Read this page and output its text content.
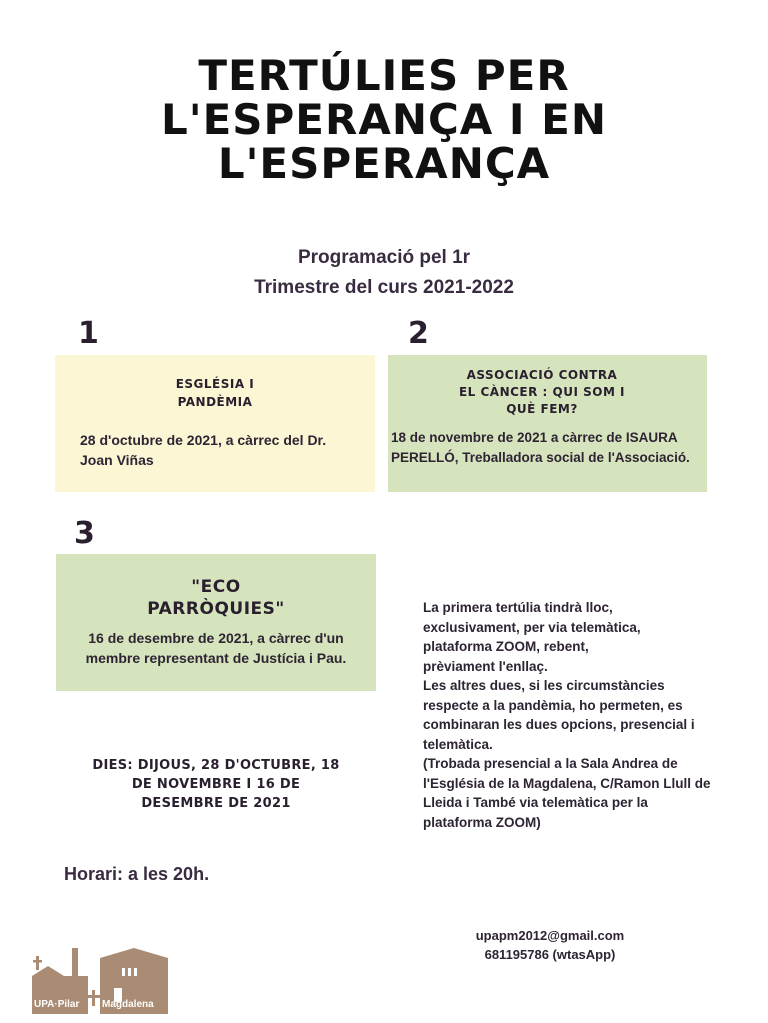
TERTÚLIES PER
L'ESPERANÇA I EN
L'ESPERANÇA
Programació pel 1r
Trimestre del curs 2021-2022
1
ESGLÉSIA I
PANDÈMIA
28 d'octubre de 2021, a càrrec del Dr.
Joan Viñas
2
ASSOCIACIÓ CONTRA
EL CÀNCER : QUI SOM I
QUÈ FEM?
18 de novembre de 2021 a càrrec de ISAURA
PERELLÓ, Treballadora social de l'Associació.
3
"ECO
PARRÒQUIES"
16 de desembre de 2021, a càrrec d'un
membre representant de Justícia i Pau.
La primera tertúlia tindrà lloc,
exclusivament, per via telemàtica,
plataforma ZOOM, rebent,
prèviament l'enllaç.
Les altres dues, si les circumstàncies
respecte a la pandèmia, ho permeten, es
combinaran les dues opcions, presencial i
telemàtica.
(Trobada presencial a la Sala Andrea de
l'Església de la Magdalena, C/Ramon Llull de
Lleida i També via telemàtica per la
plataforma ZOOM)
DIES: DIJOUS, 28 D'OCTUBRE, 18
DE NOVEMBRE I 16 DE
DESEMBRE DE 2021
Horari: a les 20h.
upapm2012@gmail.com
681195786 (wtasApp)
UPA·Pilar Magdalena
